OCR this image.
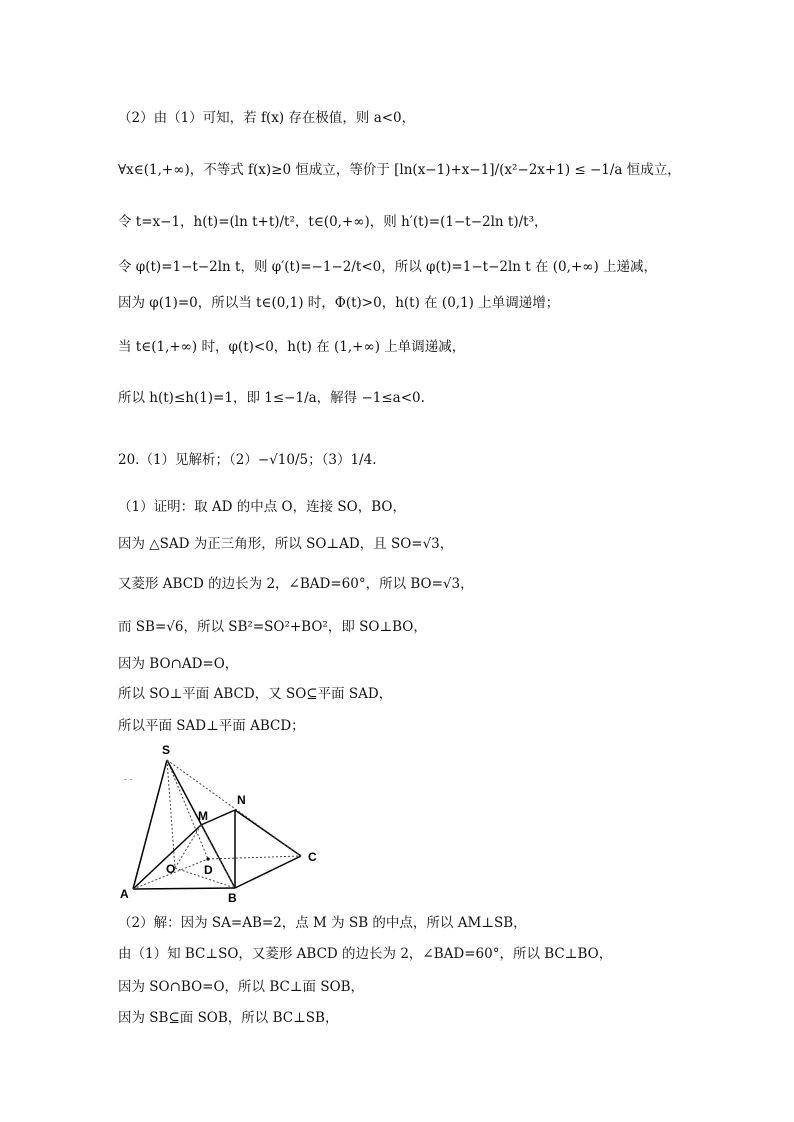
（2）由（1）可知，若 f(x) 存在极值，则 a<0，
∀x∈(1,+∞)，不等式 f(x)≥0 恒成立，等价于 [ln(x−1)+x−1]/(x²−2x+1) ≤ −1/a 恒成立，
令 t=x−1，h(t)=(ln t+t)/t²，t∈(0,+∞)，则 h′(t)=(1−t−2ln t)/t³，
令 φ(t)=1−t−2ln t，则 φ′(t)=−1−2/t<0，所以 φ(t)=1−t−2ln t 在 (0,+∞) 上递减，
因为 φ(1)=0，所以当 t∈(0,1) 时，Φ(t)>0，h(t) 在 (0,1) 上单调递增；
当 t∈(1,+∞) 时，φ(t)<0，h(t) 在 (1,+∞) 上单调递减，
所以 h(t)≤h(1)=1，即 1≤−1/a，解得 −1≤a<0.
20.（1）见解析；（2）−√10/5；（3）1/4.
（1）证明：取 AD 的中点 O，连接 SO，BO，
因为 △SAD 为正三角形，所以 SO⊥AD，且 SO=√3，
又菱形 ABCD 的边长为 2，∠BAD=60°，所以 BO=√3，
而 SB=√6，所以 SB²=SO²+BO²，即 SO⊥BO，
因为 BO∩AD=O，
所以 SO⊥平面 ABCD，又 SO⊆平面 SAD，
所以平面 SAD⊥平面 ABCD；
S
M
N
O D
C
A	B
- -
（2）解：因为 SA=AB=2，点 M 为 SB 的中点，所以 AM⊥SB，
由（1）知 BC⊥SO，又菱形 ABCD 的边长为 2，∠BAD=60°，所以 BC⊥BO，
因为 SO∩BO=O，所以 BC⊥面 SOB，
因为 SB⊆面 SOB，所以 BC⊥SB，
